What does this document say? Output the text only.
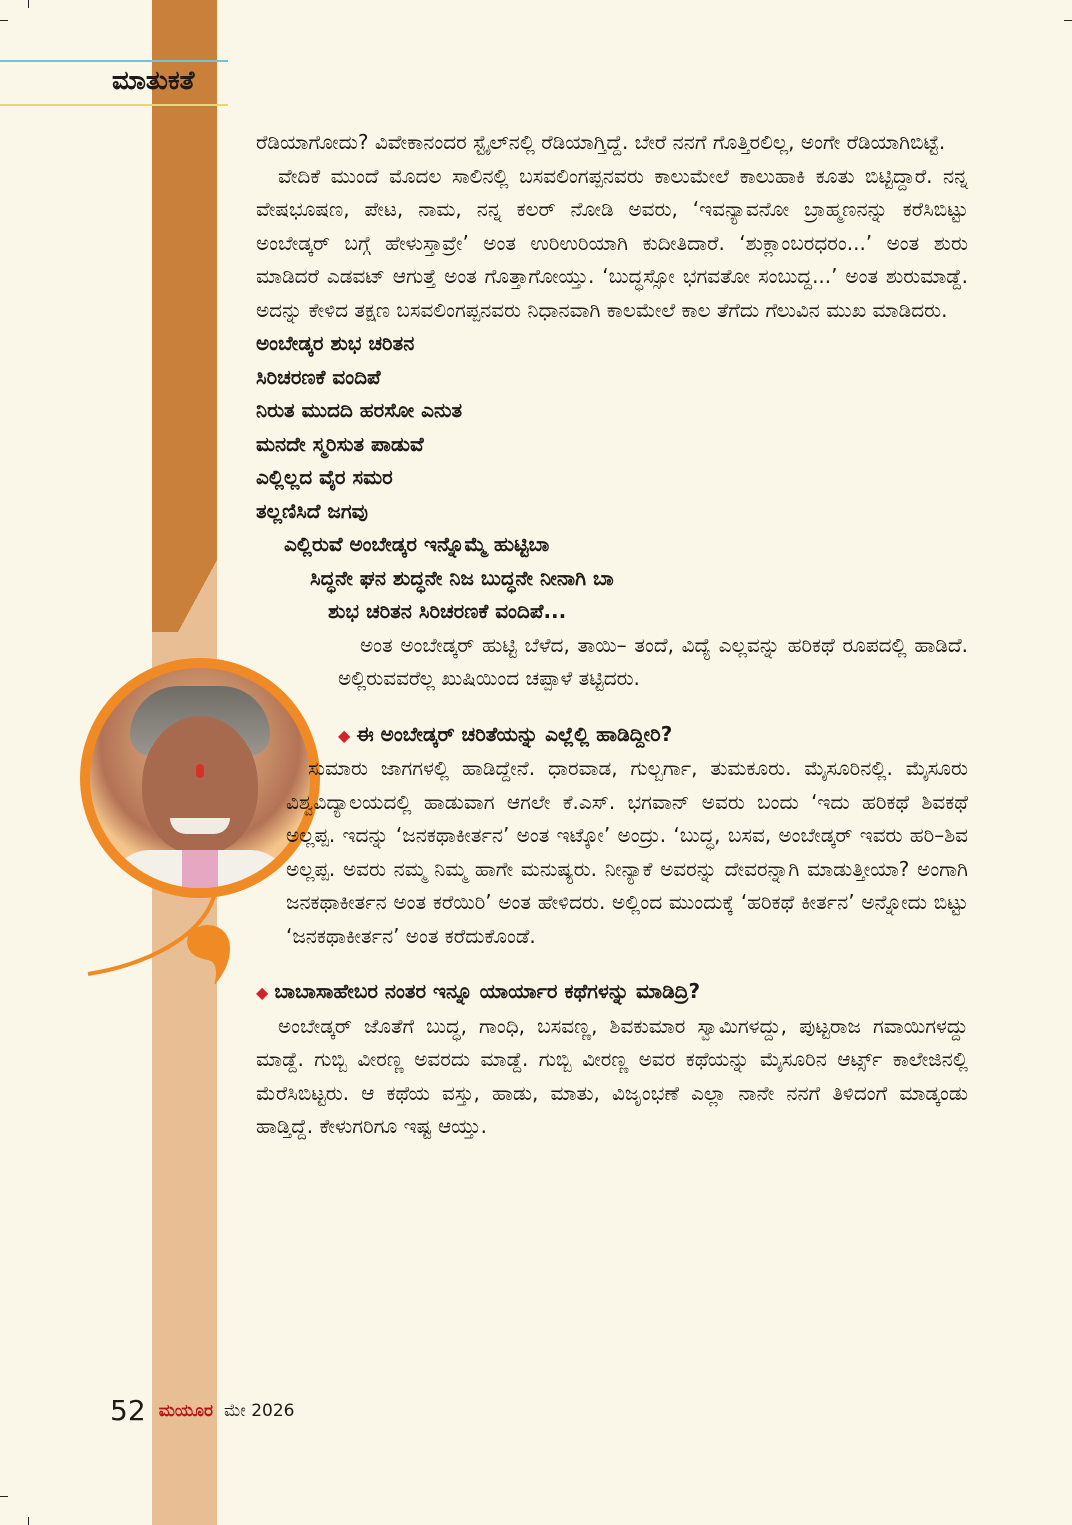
ಮಾತುಕತೆ

ರೆಡಿಯಾಗೋದು? ವಿವೇಕಾನಂದರ ಸ್ಟೈಲ್‌ನಲ್ಲಿ ರೆಡಿಯಾಗ್ತಿದ್ದೆ. ಬೇರೆ ನನಗೆ ಗೊತ್ತಿರಲಿಲ್ಲ, ಅಂಗೇ ರೆಡಿಯಾಗಿಬಿಟ್ಟೆ.

ವೇದಿಕೆ ಮುಂದೆ ಮೊದಲ ಸಾಲಿನಲ್ಲಿ ಬಸವಲಿಂಗಪ್ಪನವರು ಕಾಲುಮೇಲೆ ಕಾಲುಹಾಕಿ ಕೂತು ಬಿಟ್ಟಿದ್ದಾರೆ. ನನ್ನ ವೇಷಭೂಷಣ, ಪೇಟ, ನಾಮ, ನನ್ನ ಕಲರ್ ನೋಡಿ ಅವರು, ‘ಇವನ್ಯಾವನೋ ಬ್ರಾಹ್ಮಣನನ್ನು ಕರೆಸಿಬಿಟ್ಟು ಅಂಬೇಡ್ಕರ್ ಬಗ್ಗೆ ಹೇಳುಸ್ತಾವ್ರೇ’ ಅಂತ ಉರಿಉರಿಯಾಗಿ ಕುದೀತಿದಾರೆ. ‘ಶುಕ್ಲಾಂಬರಧರಂ...’ ಅಂತ ಶುರು ಮಾಡಿದರೆ ಎಡವಟ್ ಆಗುತ್ತೆ ಅಂತ ಗೊತ್ತಾಗೋಯ್ತು. ‘ಬುದ್ಧಸ್ಸೋ ಭಗವತೋ ಸಂಬುದ್ದ...’ ಅಂತ ಶುರುಮಾಡ್ದೆ. ಅದನ್ನು ಕೇಳಿದ ತಕ್ಷಣ ಬಸವಲಿಂಗಪ್ಪನವರು ನಿಧಾನವಾಗಿ ಕಾಲಮೇಲೆ ಕಾಲ ತೆಗೆದು ಗೆಲುವಿನ ಮುಖ ಮಾಡಿದರು.

ಅಂಬೇಡ್ಕರ ಶುಭ ಚರಿತನ

ಸಿರಿಚರಣಕೆ ವಂದಿಪೆ

ನಿರುತ ಮುದದಿ ಹರಸೋ ಎನುತ

ಮನದೇ ಸ್ಮರಿಸುತ ಪಾಡುವೆ

ಎಲ್ಲಿಲ್ಲದ ವೈರ ಸಮರ

ತಲ್ಲಣಿಸಿದೆ ಜಗವು

ಎಲ್ಲಿರುವೆ ಅಂಬೇಡ್ಕರ ಇನ್ನೊಮ್ಮೆ ಹುಟ್ಟಿಬಾ

ಸಿದ್ಧನೇ ಘನ ಶುದ್ಧನೇ ನಿಜ ಬುದ್ಧನೇ ನೀನಾಗಿ ಬಾ

ಶುಭ ಚರಿತನ ಸಿರಿಚರಣಕೆ ವಂದಿಪೆ...

ಅಂತ ಅಂಬೇಡ್ಕರ್ ಹುಟ್ಟಿ ಬೆಳೆದ, ತಾಯಿ– ತಂದೆ, ವಿದ್ಯೆ ಎಲ್ಲವನ್ನು ಹರಿಕಥೆ ರೂಪದಲ್ಲಿ ಹಾಡಿದೆ. ಅಲ್ಲಿರುವವರೆಲ್ಲ ಖುಷಿಯಿಂದ ಚಪ್ಪಾಳೆ ತಟ್ಟಿದರು.

◆ ಈ ಅಂಬೇಡ್ಕರ್ ಚರಿತೆಯನ್ನು ಎಲ್ಲೆಲ್ಲಿ ಹಾಡಿದ್ದೀರಿ?

ಸುಮಾರು ಜಾಗಗಳಲ್ಲಿ ಹಾಡಿದ್ದೇನೆ. ಧಾರವಾಡ, ಗುಲ್ಬರ್ಗಾ, ತುಮಕೂರು. ಮೈಸೂರಿನಲ್ಲಿ. ಮೈಸೂರು ವಿಶ್ವವಿದ್ಯಾಲಯದಲ್ಲಿ ಹಾಡುವಾಗ ಆಗಲೇ ಕೆ.ಎಸ್. ಭಗವಾನ್ ಅವರು ಬಂದು ‘ಇದು ಹರಿಕಥೆ ಶಿವಕಥೆ ಅಲ್ಲಪ್ಪ. ಇದನ್ನು ‘ಜನಕಥಾಕೀರ್ತನ’ ಅಂತ ಇಟ್ಕೋ’ ಅಂದ್ರು. ‘ಬುದ್ಧ, ಬಸವ, ಅಂಬೇಡ್ಕರ್ ಇವರು ಹರಿ–ಶಿವ ಅಲ್ಲಪ್ಪ. ಅವರು ನಮ್ಮ ನಿಮ್ಮ ಹಾಗೇ ಮನುಷ್ಯರು. ನೀನ್ಯಾಕೆ ಅವರನ್ನು ದೇವರನ್ನಾಗಿ ಮಾಡುತ್ತೀಯಾ? ಅಂಗಾಗಿ ಜನಕಥಾಕೀರ್ತನ ಅಂತ ಕರೆಯಿರಿ’ ಅಂತ ಹೇಳಿದರು. ಅಲ್ಲಿಂದ ಮುಂದುಕ್ಕೆ ‘ಹರಿಕಥೆ ಕೀರ್ತನ’ ಅನ್ನೋದು ಬಿಟ್ಟು ‘ಜನಕಥಾಕೀರ್ತನ’ ಅಂತ ಕರೆದುಕೊಂಡೆ.

◆ ಬಾಬಾಸಾಹೇಬರ ನಂತರ ಇನ್ನೂ ಯಾರ್ಯಾರ ಕಥೆಗಳನ್ನು ಮಾಡಿದ್ರಿ?

ಅಂಬೇಡ್ಕರ್ ಜೊತೆಗೆ ಬುದ್ಧ, ಗಾಂಧಿ, ಬಸವಣ್ಣ, ಶಿವಕುಮಾರ ಸ್ವಾಮಿಗಳದ್ದು, ಪುಟ್ಟರಾಜ ಗವಾಯಿಗಳದ್ದು ಮಾಡ್ದೆ. ಗುಬ್ಬಿ ವೀರಣ್ಣ ಅವರದು ಮಾಡ್ದೆ. ಗುಬ್ಬಿ ವೀರಣ್ಣ ಅವರ ಕಥೆಯನ್ನು ಮೈಸೂರಿನ ಆರ್ಟ್ಸ್ ಕಾಲೇಜಿನಲ್ಲಿ ಮೆರೆಸಿಬಿಟ್ಟರು. ಆ ಕಥೆಯ ವಸ್ತು, ಹಾಡು, ಮಾತು, ವಿಜೃಂಭಣೆ ಎಲ್ಲಾ ನಾನೇ ನನಗೆ ತಿಳಿದಂಗೆ ಮಾಡ್ಕಂಡು ಹಾಡ್ತಿದ್ದೆ. ಕೇಳುಗರಿಗೂ ಇಷ್ಟ ಆಯ್ತು.

52 ಮಯೂರ ಮೇ 2026
